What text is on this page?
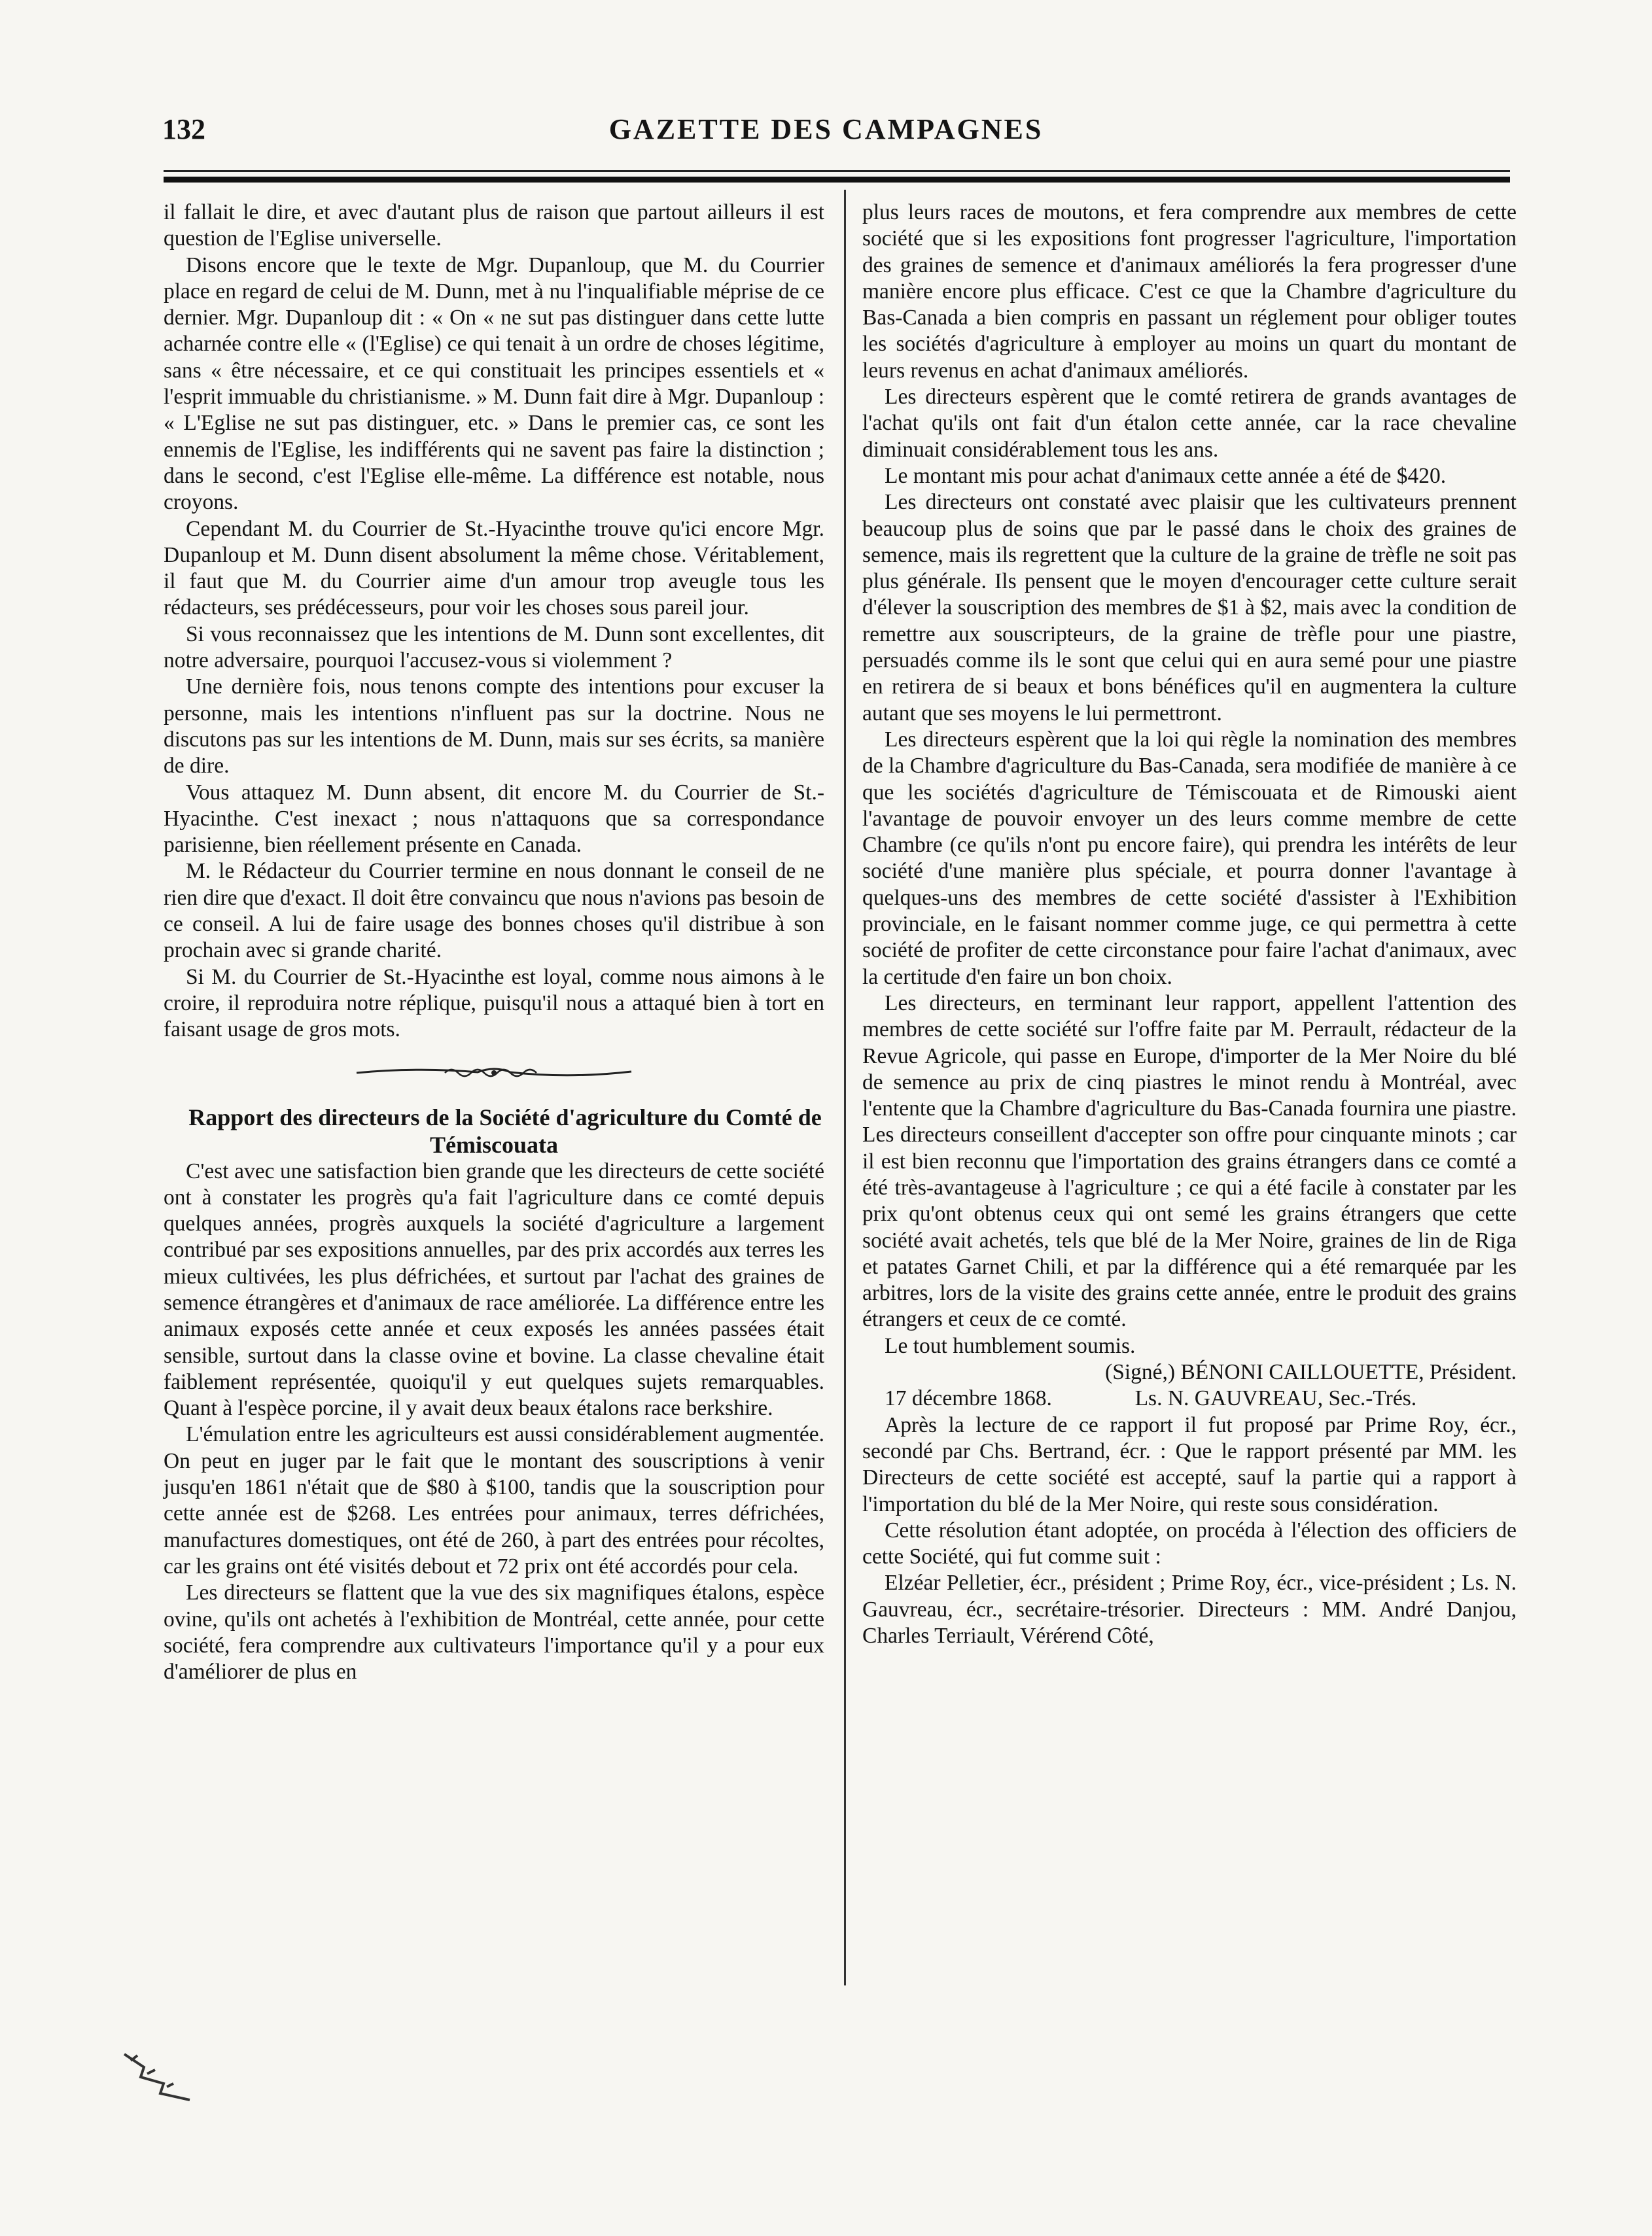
132	GAZETTE DES CAMPAGNES

il fallait le dire, et avec d'autant plus de raison que partout ailleurs il est question de l'Eglise universelle.

Disons encore que le texte de Mgr. Dupanloup, que M. du Courrier place en regard de celui de M. Dunn, met à nu l'inqualifiable méprise de ce dernier. Mgr. Dupanloup dit : « On « ne sut pas distinguer dans cette lutte acharnée contre elle « (l'Eglise) ce qui tenait à un ordre de choses légitime, sans « être nécessaire, et ce qui constituait les principes essentiels et « l'esprit immuable du christianisme. » M. Dunn fait dire à Mgr. Dupanloup : « L'Eglise ne sut pas distinguer, etc. » Dans le premier cas, ce sont les ennemis de l'Eglise, les indifférents qui ne savent pas faire la distinction ; dans le second, c'est l'Eglise elle-même. La différence est notable, nous croyons.

Cependant M. du Courrier de St.-Hyacinthe trouve qu'ici encore Mgr. Dupanloup et M. Dunn disent absolument la même chose. Véritablement, il faut que M. du Courrier aime d'un amour trop aveugle tous les rédacteurs, ses prédécesseurs, pour voir les choses sous pareil jour.

Si vous reconnaissez que les intentions de M. Dunn sont excellentes, dit notre adversaire, pourquoi l'accusez-vous si violemment ?

Une dernière fois, nous tenons compte des intentions pour excuser la personne, mais les intentions n'influent pas sur la doctrine. Nous ne discutons pas sur les intentions de M. Dunn, mais sur ses écrits, sa manière de dire.

Vous attaquez M. Dunn absent, dit encore M. du Courrier de St.-Hyacinthe. C'est inexact ; nous n'attaquons que sa correspondance parisienne, bien réellement présente en Canada.

M. le Rédacteur du Courrier termine en nous donnant le conseil de ne rien dire que d'exact. Il doit être convaincu que nous n'avions pas besoin de ce conseil. A lui de faire usage des bonnes choses qu'il distribue à son prochain avec si grande charité.

Si M. du Courrier de St.-Hyacinthe est loyal, comme nous aimons à le croire, il reproduira notre réplique, puisqu'il nous a attaqué bien à tort en faisant usage de gros mots.

Rapport des directeurs de la Société d'agriculture du Comté de Témiscouata

C'est avec une satisfaction bien grande que les directeurs de cette société ont à constater les progrès qu'a fait l'agriculture dans ce comté depuis quelques années, progrès auxquels la société d'agriculture a largement contribué par ses expositions annuelles, par des prix accordés aux terres les mieux cultivées, les plus défrichées, et surtout par l'achat des graines de semence étrangères et d'animaux de race améliorée. La différence entre les animaux exposés cette année et ceux exposés les années passées était sensible, surtout dans la classe ovine et bovine. La classe chevaline était faiblement représentée, quoiqu'il y eut quelques sujets remarquables. Quant à l'espèce porcine, il y avait deux beaux étalons race berkshire.

L'émulation entre les agriculteurs est aussi considérablement augmentée. On peut en juger par le fait que le montant des souscriptions à venir jusqu'en 1861 n'était que de $80 à $100, tandis que la souscription pour cette année est de $268. Les entrées pour animaux, terres défrichées, manufactures domestiques, ont été de 260, à part des entrées pour récoltes, car les grains ont été visités debout et 72 prix ont été accordés pour cela.

Les directeurs se flattent que la vue des six magnifiques étalons, espèce ovine, qu'ils ont achetés à l'exhibition de Montréal, cette année, pour cette société, fera comprendre aux cultivateurs l'importance qu'il y a pour eux d'améliorer de plus en

plus leurs races de moutons, et fera comprendre aux membres de cette société que si les expositions font progresser l'agriculture, l'importation des graines de semence et d'animaux améliorés la fera progresser d'une manière encore plus efficace. C'est ce que la Chambre d'agriculture du Bas-Canada a bien compris en passant un réglement pour obliger toutes les sociétés d'agriculture à employer au moins un quart du montant de leurs revenus en achat d'animaux améliorés.

Les directeurs espèrent que le comté retirera de grands avantages de l'achat qu'ils ont fait d'un étalon cette année, car la race chevaline diminuait considérablement tous les ans.

Le montant mis pour achat d'animaux cette année a été de $420.

Les directeurs ont constaté avec plaisir que les cultivateurs prennent beaucoup plus de soins que par le passé dans le choix des graines de semence, mais ils regrettent que la culture de la graine de trèfle ne soit pas plus générale. Ils pensent que le moyen d'encourager cette culture serait d'élever la souscription des membres de $1 à $2, mais avec la condition de remettre aux souscripteurs, de la graine de trèfle pour une piastre, persuadés comme ils le sont que celui qui en aura semé pour une piastre en retirera de si beaux et bons bénéfices qu'il en augmentera la culture autant que ses moyens le lui permettront.

Les directeurs espèrent que la loi qui règle la nomination des membres de la Chambre d'agriculture du Bas-Canada, sera modifiée de manière à ce que les sociétés d'agriculture de Témiscouata et de Rimouski aient l'avantage de pouvoir envoyer un des leurs comme membre de cette Chambre (ce qu'ils n'ont pu encore faire), qui prendra les intérêts de leur société d'une manière plus spéciale, et pourra donner l'avantage à quelques-uns des membres de cette société d'assister à l'Exhibition provinciale, en le faisant nommer comme juge, ce qui permettra à cette société de profiter de cette circonstance pour faire l'achat d'animaux, avec la certitude d'en faire un bon choix.

Les directeurs, en terminant leur rapport, appellent l'attention des membres de cette société sur l'offre faite par M. Perrault, rédacteur de la Revue Agricole, qui passe en Europe, d'importer de la Mer Noire du blé de semence au prix de cinq piastres le minot rendu à Montréal, avec l'entente que la Chambre d'agriculture du Bas-Canada fournira une piastre. Les directeurs conseillent d'accepter son offre pour cinquante minots ; car il est bien reconnu que l'importation des grains étrangers dans ce comté a été très-avantageuse à l'agriculture ; ce qui a été facile à constater par les prix qu'ont obtenus ceux qui ont semé les grains étrangers que cette société avait achetés, tels que blé de la Mer Noire, graines de lin de Riga et patates Garnet Chili, et par la différence qui a été remarquée par les arbitres, lors de la visite des grains cette année, entre le produit des grains étrangers et ceux de ce comté.

Le tout humblement soumis.

(Signé,) BÉNONI CAILLOUETTE, Président.

17 décembre 1868.	Ls. N. GAUVREAU, Sec.-Trés.

Après la lecture de ce rapport il fut proposé par Prime Roy, écr., secondé par Chs. Bertrand, écr. : Que le rapport présenté par MM. les Directeurs de cette société est accepté, sauf la partie qui a rapport à l'importation du blé de la Mer Noire, qui reste sous considération.

Cette résolution étant adoptée, on procéda à l'élection des officiers de cette Société, qui fut comme suit :

Elzéar Pelletier, écr., président ; Prime Roy, écr., vice-président ; Ls. N. Gauvreau, écr., secrétaire-trésorier. Directeurs : MM. André Danjou, Charles Terriault, Vérérend Côté,
